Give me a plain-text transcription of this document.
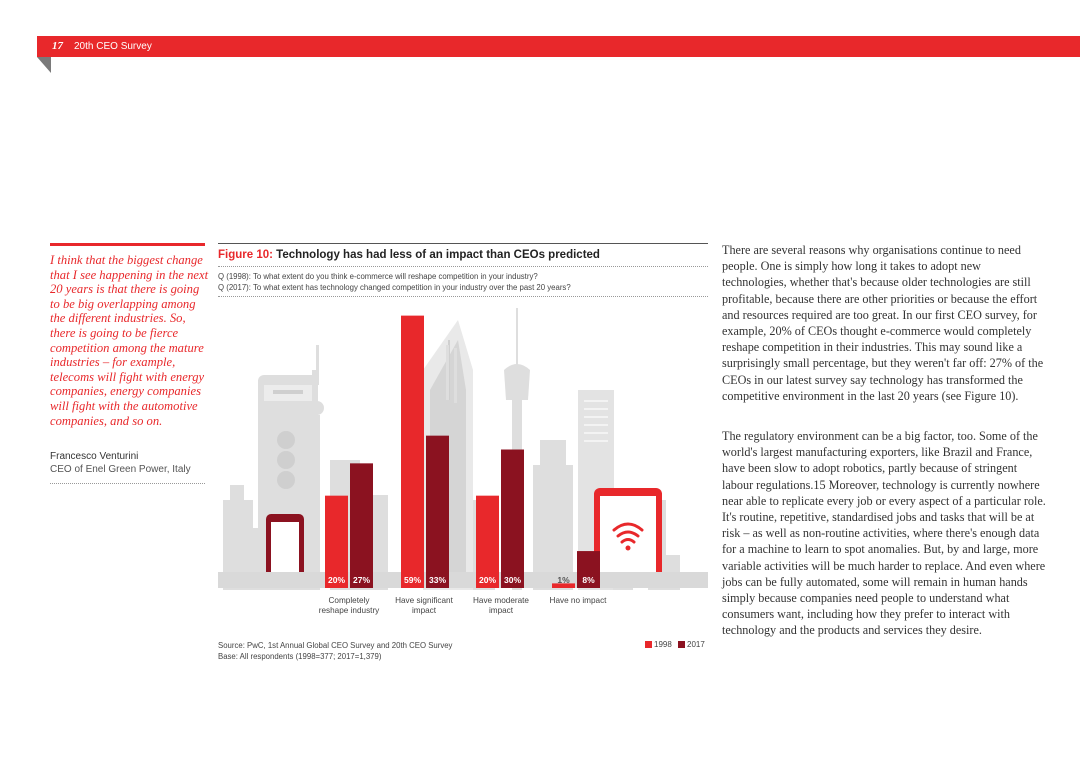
17 20th CEO Survey
I think that the biggest change that I see happening in the next 20 years is that there is going to be big overlapping among the different industries. So, there is going to be fierce competition among the mature industries – for example, telecoms will fight with energy companies, energy companies will fight with the automotive companies, and so on.
Francesco Venturini
CEO of Enel Green Power, Italy
Figure 10: Technology has had less of an impact than CEOs predicted
Q (1998): To what extent do you think e-commerce will reshape competition in your industry?
Q (2017): To what extent has technology changed competition in your industry over the past 20 years?
20% 27%	59% 33%	20% 30%	1% 8%
Completely reshape industry
Have significant impact
Have moderate impact
Have no impact
Source: PwC, 1st Annual Global CEO Survey and 20th CEO Survey
Base: All respondents (1998=377; 2017=1,379)
1998 2017

There are several reasons why organisations continue to need people. One is simply how long it takes to adopt new technologies, whether that's because older technologies are still profitable, because there are other priorities or because the effort and resources required are too great. In our first CEO survey, for example, 20% of CEOs thought e-commerce would completely reshape competition in their industries. This may sound like a surprisingly small percentage, but they weren't far off: 27% of the CEOs in our latest survey say technology has transformed the competitive environment in the last 20 years (see Figure 10).

The regulatory environment can be a big factor, too. Some of the world's largest manufacturing exporters, like Brazil and France, have been slow to adopt robotics, partly because of stringent labour regulations.15 Moreover, technology is currently nowhere near able to replicate every job or every aspect of a particular role. It's routine, repetitive, standardised jobs and tasks that will be at risk – as well as non-routine activities, where there's enough data for a machine to learn to spot anomalies. But, by and large, more variable activities will be much harder to replace. And even where jobs can be fully automated, some will remain in human hands simply because companies need people to understand what consumers want, including how they prefer to interact with technology and the products and services they desire.
